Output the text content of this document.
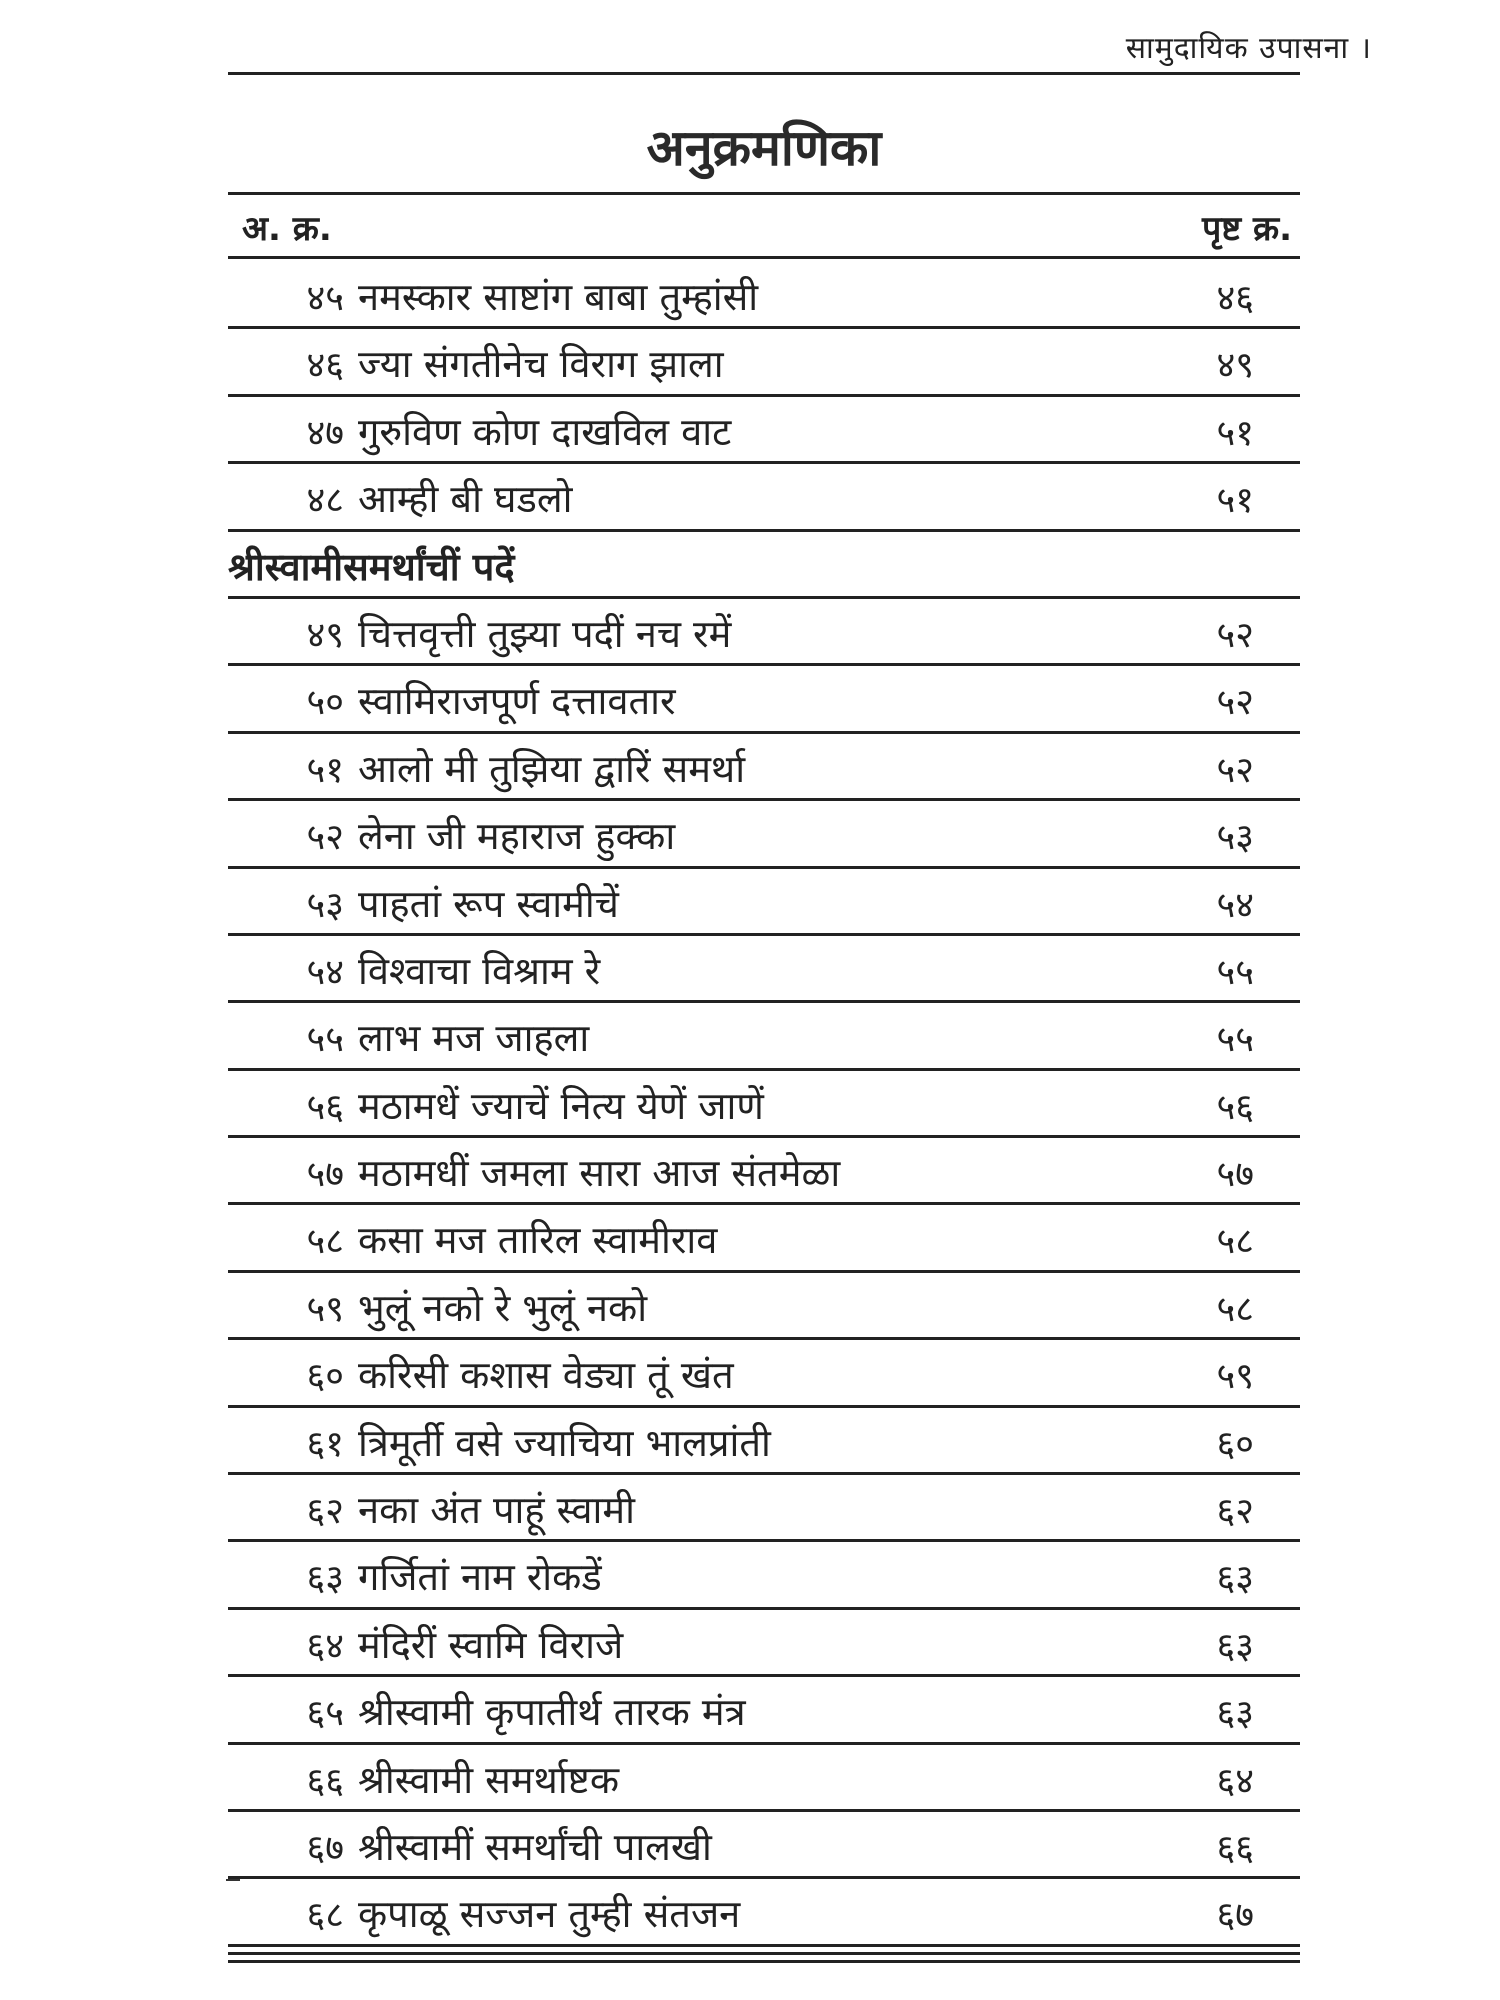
सामुदायिक उपासना ।
अनुक्रमणिका
अ. क्र.	पृष्ट क्र.
४५ नमस्कार साष्टांग बाबा तुम्हांसी	४६
४६ ज्या संगतीनेच विराग झाला	४९
४७ गुरुविण कोण दाखविल वाट	५१
४८ आम्ही बी घडलो	५१
श्रीस्वामीसमर्थांचीं पदें
४९ चित्तवृत्ती तुझ्या पदीं नच रमें	५२
५० स्वामिराजपूर्ण दत्तावतार	५२
५१ आलो मी तुझिया द्वारिं समर्था	५२
५२ लेना जी महाराज हुक्का	५३
५३ पाहतां रूप स्वामीचें	५४
५४ विश्वाचा विश्राम रे	५५
५५ लाभ मज जाहला	५५
५६ मठामधें ज्याचें नित्य येणें जाणें	५६
५७ मठामधीं जमला सारा आज संतमेळा	५७
५८ कसा मज तारिल स्वामीराव	५८
५९ भुलूं नको रे भुलूं नको	५८
६० करिसी कशास वेड्या तूं खंत	५९
६१ त्रिमूर्ती वसे ज्याचिया भालप्रांती	६०
६२ नका अंत पाहूं स्वामी	६२
६३ गर्जितां नाम रोकडें	६३
६४ मंदिरीं स्वामि विराजे	६३
६५ श्रीस्वामी कृपातीर्थ तारक मंत्र	६३
६६ श्रीस्वामी समर्थाष्टक	६४
६७ श्रीस्वामीं समर्थांची पालखी	६६
६८ कृपाळू सज्जन तुम्ही संतजन	६७
